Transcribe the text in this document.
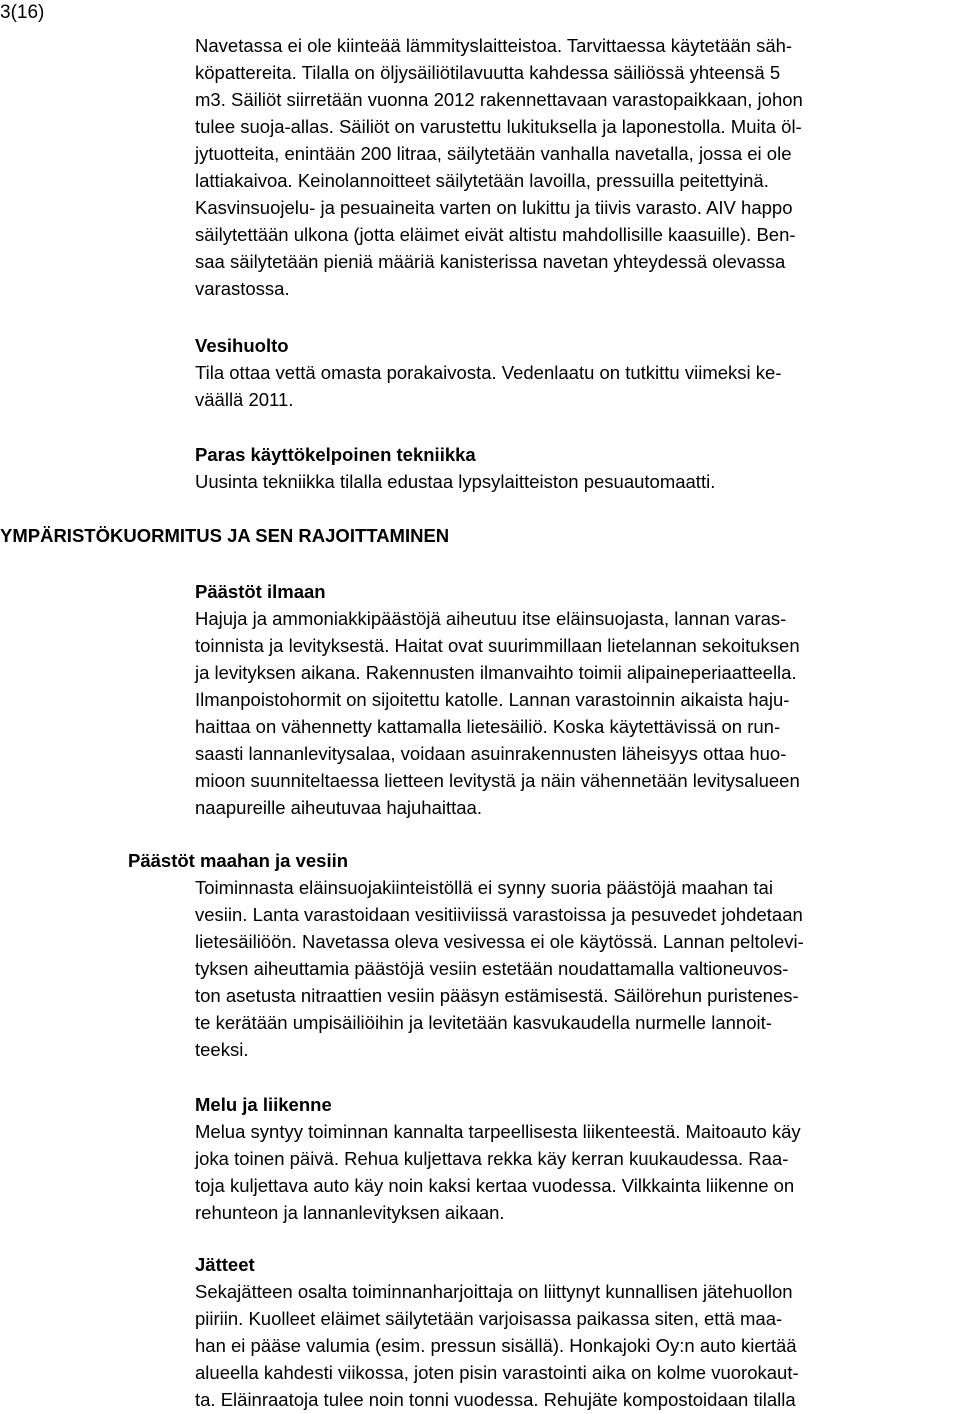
3(16)

Navetassa ei ole kiinteää lämmityslaitteistoa. Tarvittaessa käytetään säh-
köpattereita. Tilalla on öljysäiliötilavuutta kahdessa säiliössä yhteensä 5
m3. Säiliöt siirretään vuonna 2012 rakennettavaan varastopaikkaan, johon
tulee suoja-allas. Säiliöt on varustettu lukituksella ja laponestolla. Muita öl-
jytuotteita, enintään 200 litraa, säilytetään vanhalla navetalla, jossa ei ole
lattiakaivoa. Keinolannoitteet säilytetään lavoilla, pressuilla peitettyinä.
Kasvinsuojelu- ja pesuaineita varten on lukittu ja tiivis varasto. AIV happo
säilytettään ulkona (jotta eläimet eivät altistu mahdollisille kaasuille). Ben-
saa säilytetään pieniä määriä kanisterissa navetan yhteydessä olevassa
varastossa.
Vesihuolto
Tila ottaa vettä omasta porakaivosta. Vedenlaatu on tutkittu viimeksi ke-
väällä 2011.
Paras käyttökelpoinen tekniikka
Uusinta tekniikka tilalla edustaa lypsylaitteiston pesuautomaatti.
YMPÄRISTÖKUORMITUS JA SEN RAJOITTAMINEN
Päästöt ilmaan
Hajuja ja ammoniakkipäästöjä aiheutuu itse eläinsuojasta, lannan varas-
toinnista ja levityksestä. Haitat ovat suurimmillaan lietelannan sekoituksen
ja levityksen aikana. Rakennusten ilmanvaihto toimii alipaineperiaatteella.
Ilmanpoistohormit on sijoitettu katolle. Lannan varastoinnin aikaista haju-
haittaa on vähennetty kattamalla lietesäiliö. Koska käytettävissä on run-
saasti lannanlevitysalaa, voidaan asuinrakennusten läheisyys ottaa huo-
mioon suunniteltaessa lietteen levitystä ja näin vähennetään levitysalueen
naapureille aiheutuvaa hajuhaittaa.
Päästöt maahan ja vesiin
Toiminnasta eläinsuojakiinteistöllä ei synny suoria päästöjä maahan tai
vesiin. Lanta varastoidaan vesitiiviissä varastoissa ja pesuvedet johdetaan
lietesäiliöön. Navetassa oleva vesivessa ei ole käytössä. Lannan peltolevi-
tyksen aiheuttamia päästöjä vesiin estetään noudattamalla valtioneuvos-
ton asetusta nitraattien vesiin pääsyn estämisestä. Säilörehun puristenes-
te kerätään umpisäiliöihin ja levitetään kasvukaudella nurmelle lannoit-
teeksi.
Melu ja liikenne
Melua syntyy toiminnan kannalta tarpeellisesta liikenteestä. Maitoauto käy
joka toinen päivä. Rehua kuljettava rekka käy kerran kuukaudessa. Raa-
toja kuljettava auto käy noin kaksi kertaa vuodessa. Vilkkainta liikenne on
rehunteon ja lannanlevityksen aikaan.
Jätteet
Sekajätteen osalta toiminnanharjoittaja on liittynyt kunnallisen jätehuollon
piiriin. Kuolleet eläimet säilytetään varjoisassa paikassa siten, että maa-
han ei pääse valumia (esim. pressun sisällä). Honkajoki Oy:n auto kiertää
alueella kahdesti viikossa, joten pisin varastointi aika on kolme vuorokaut-
ta. Eläinraatoja tulee noin tonni vuodessa. Rehujäte kompostoidaan tilalla
